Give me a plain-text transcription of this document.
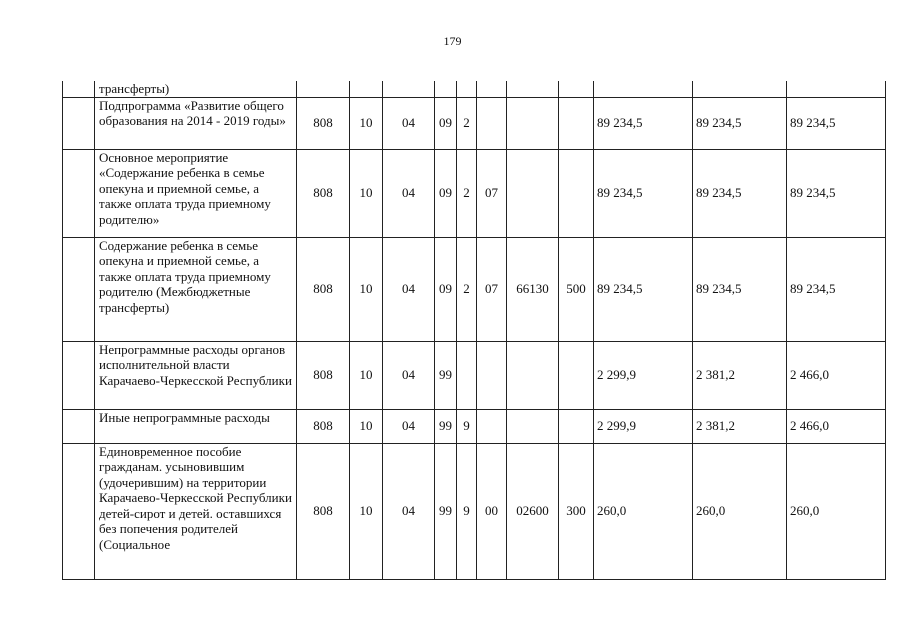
179
	трансферты)											
	Подпрограмма «Развитие общего образования на 2014 - 2019 годы»	808	10	04	09	2				89 234,5	89 234,5	89 234,5
	Основное мероприятие «Содержание ребенка в семье опекуна и приемной семье, а также оплата труда приемному родителю»	808	10	04	09	2	07			89 234,5	89 234,5	89 234,5
	Содержание ребенка в семье опекуна и приемной семье, а также оплата труда приемному родителю (Межбюджетные трансферты)	808	10	04	09	2	07	66130	500	89 234,5	89 234,5	89 234,5
	Непрограммные расходы органов исполнительной власти Карачаево-Черкесской Республики	808	10	04	99					2 299,9	2 381,2	2 466,0
	Иные непрограммные расходы	808	10	04	99	9				2 299,9	2 381,2	2 466,0
	Единовременное пособие гражданам. усыновившим (удочерившим) на территории Карачаево-Черкесской Республики детей-сирот и детей. оставшихся без попечения родителей (Социальное	808	10	04	99	9	00	02600	300	260,0	260,0	260,0
